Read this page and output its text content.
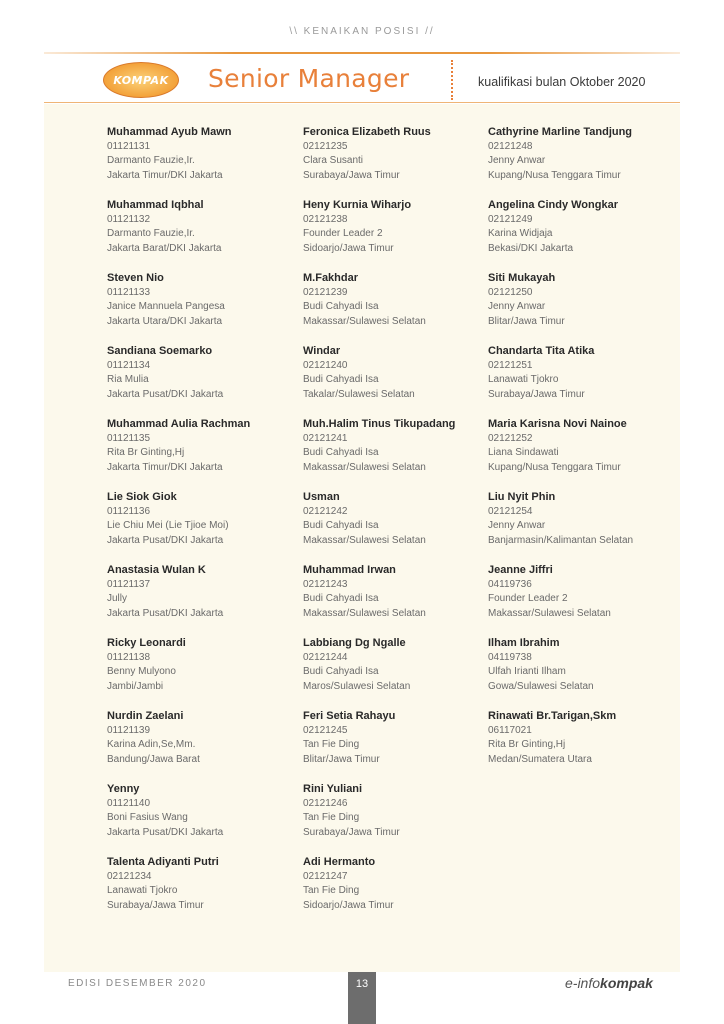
\\ KENAIKAN POSISI //
KOMPAK Senior Manager	kualifikasi bulan Oktober 2020
Muhammad Ayub Mawn
01121131
Darmanto Fauzie,Ir.
Jakarta Timur/DKI Jakarta
Muhammad Iqbhal
01121132
Darmanto Fauzie,Ir.
Jakarta Barat/DKI Jakarta
Steven Nio
01121133
Janice Mannuela Pangesa
Jakarta Utara/DKI Jakarta
Sandiana Soemarko
01121134
Ria Mulia
Jakarta Pusat/DKI Jakarta
Muhammad Aulia Rachman
01121135
Rita Br Ginting,Hj
Jakarta Timur/DKI Jakarta
Lie Siok Giok
01121136
Lie Chiu Mei (Lie Tjioe Moi)
Jakarta Pusat/DKI Jakarta
Anastasia Wulan K
01121137
Jully
Jakarta Pusat/DKI Jakarta
Ricky Leonardi
01121138
Benny Mulyono
Jambi/Jambi
Nurdin Zaelani
01121139
Karina Adin,Se,Mm.
Bandung/Jawa Barat
Yenny
01121140
Boni Fasius Wang
Jakarta Pusat/DKI Jakarta
Talenta Adiyanti Putri
02121234
Lanawati Tjokro
Surabaya/Jawa Timur
Feronica Elizabeth Ruus
02121235
Clara Susanti
Surabaya/Jawa Timur
Heny Kurnia Wiharjo
02121238
Founder Leader 2
Sidoarjo/Jawa Timur
M.Fakhdar
02121239
Budi Cahyadi Isa
Makassar/Sulawesi Selatan
Windar
02121240
Budi Cahyadi Isa
Takalar/Sulawesi Selatan
Muh.Halim Tinus Tikupadang
02121241
Budi Cahyadi Isa
Makassar/Sulawesi Selatan
Usman
02121242
Budi Cahyadi Isa
Makassar/Sulawesi Selatan
Muhammad Irwan
02121243
Budi Cahyadi Isa
Makassar/Sulawesi Selatan
Labbiang Dg Ngalle
02121244
Budi Cahyadi Isa
Maros/Sulawesi Selatan
Feri Setia Rahayu
02121245
Tan Fie Ding
Blitar/Jawa Timur
Rini Yuliani
02121246
Tan Fie Ding
Surabaya/Jawa Timur
Adi Hermanto
02121247
Tan Fie Ding
Sidoarjo/Jawa Timur
Cathyrine Marline Tandjung
02121248
Jenny Anwar
Kupang/Nusa Tenggara Timur
Angelina Cindy Wongkar
02121249
Karina Widjaja
Bekasi/DKI Jakarta
Siti Mukayah
02121250
Jenny Anwar
Blitar/Jawa Timur
Chandarta Tita Atika
02121251
Lanawati Tjokro
Surabaya/Jawa Timur
Maria Karisna Novi Nainoe
02121252
Liana Sindawati
Kupang/Nusa Tenggara Timur
Liu Nyit Phin
02121254
Jenny Anwar
Banjarmasin/Kalimantan Selatan
Jeanne Jiffri
04119736
Founder Leader 2
Makassar/Sulawesi Selatan
Ilham Ibrahim
04119738
Ulfah Irianti Ilham
Gowa/Sulawesi Selatan
Rinawati Br.Tarigan,Skm
06117021
Rita Br Ginting,Hj
Medan/Sumatera Utara
EDISI DESEMBER 2020	13	e-infokompak
